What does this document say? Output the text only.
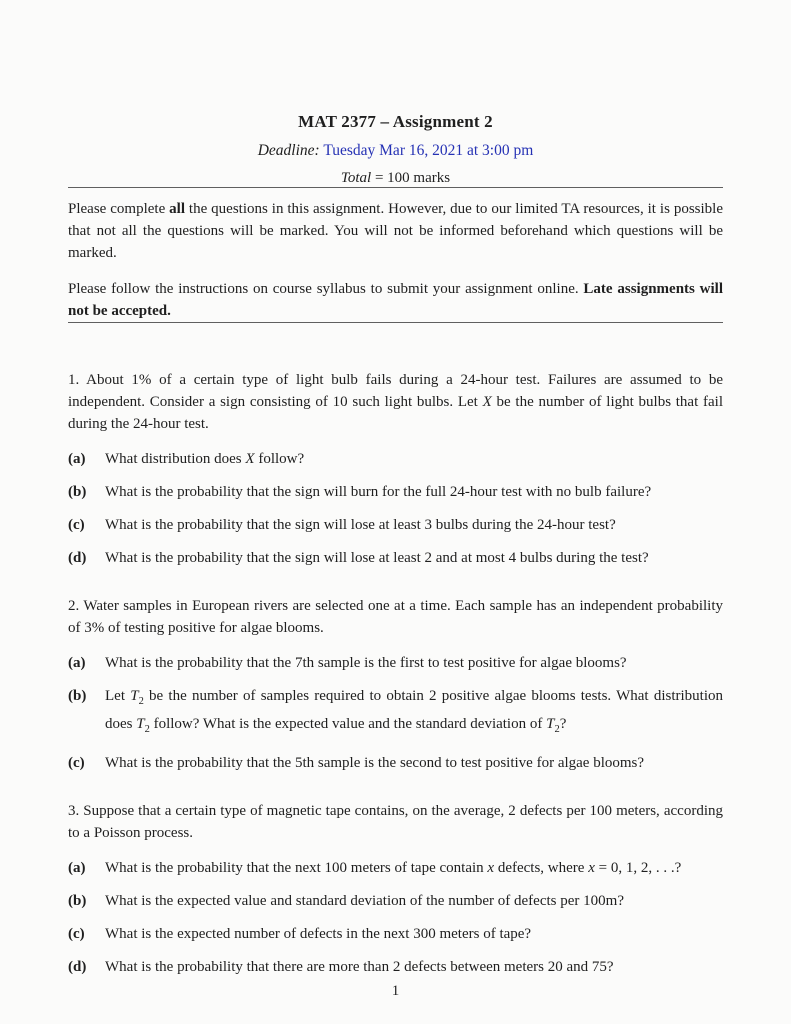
MAT 2377 – Assignment 2
Deadline: Tuesday Mar 16, 2021 at 3:00 pm
Total = 100 marks

Please complete all the questions in this assignment. However, due to our limited TA resources, it is possible that not all the questions will be marked. You will not be informed beforehand which questions will be marked.

Please follow the instructions on course syllabus to submit your assignment online. Late assignments will not be accepted.

1. About 1% of a certain type of light bulb fails during a 24-hour test. Failures are assumed to be independent. Consider a sign consisting of 10 such light bulbs. Let X be the number of light bulbs that fail during the 24-hour test.

(a)	What distribution does X follow?
(b)	What is the probability that the sign will burn for the full 24-hour test with no bulb failure?
(c)	What is the probability that the sign will lose at least 3 bulbs during the 24-hour test?
(d)	What is the probability that the sign will lose at least 2 and at most 4 bulbs during the test?

2. Water samples in European rivers are selected one at a time. Each sample has an independent probability of 3% of testing positive for algae blooms.

(a)	What is the probability that the 7th sample is the first to test positive for algae blooms?
(b)	Let $T_2$ be the number of samples required to obtain 2 positive algae blooms tests. What distribution does $T_2$ follow? What is the expected value and the standard deviation of $T_2$?
(c)	What is the probability that the 5th sample is the second to test positive for algae blooms?

3. Suppose that a certain type of magnetic tape contains, on the average, 2 defects per 100 meters, according to a Poisson process.

(a)	What is the probability that the next 100 meters of tape contain x defects, where x = 0, 1, 2, . . .?
(b)	What is the expected value and standard deviation of the number of defects per 100m?
(c)	What is the expected number of defects in the next 300 meters of tape?
(d)	What is the probability that there are more than 2 defects between meters 20 and 75?
1
